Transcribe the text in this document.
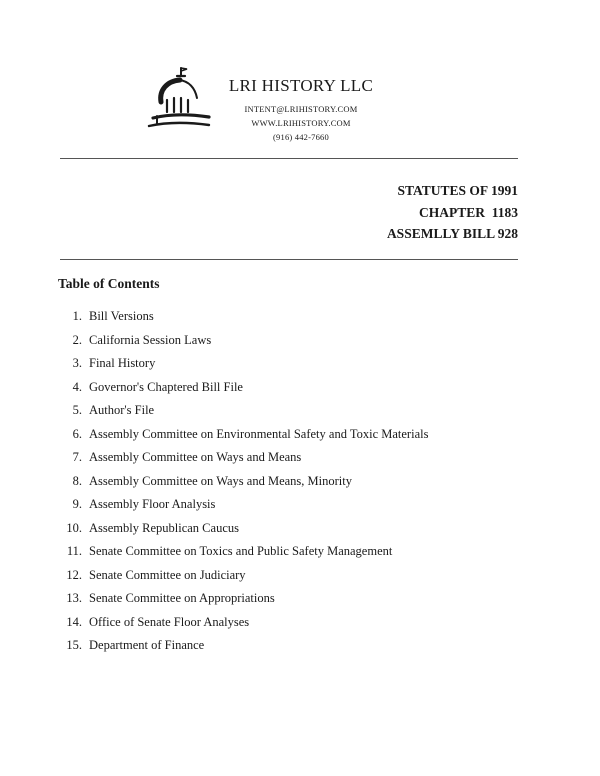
LRI HISTORY LLC
INTENT@LRIHISTORY.COM
WWW.LRIHISTORY.COM
(916) 442-7660
STATUTES OF 1991
CHAPTER  1183
ASSEMLLY BILL 928
Table of Contents
1. Bill Versions
2. California Session Laws
3. Final History
4. Governor's Chaptered Bill File
5. Author's File
6. Assembly Committee on Environmental Safety and Toxic Materials
7. Assembly Committee on Ways and Means
8. Assembly Committee on Ways and Means, Minority
9. Assembly Floor Analysis
10. Assembly Republican Caucus
11. Senate Committee on Toxics and Public Safety Management
12. Senate Committee on Judiciary
13. Senate Committee on Appropriations
14. Office of Senate Floor Analyses
15. Department of Finance
